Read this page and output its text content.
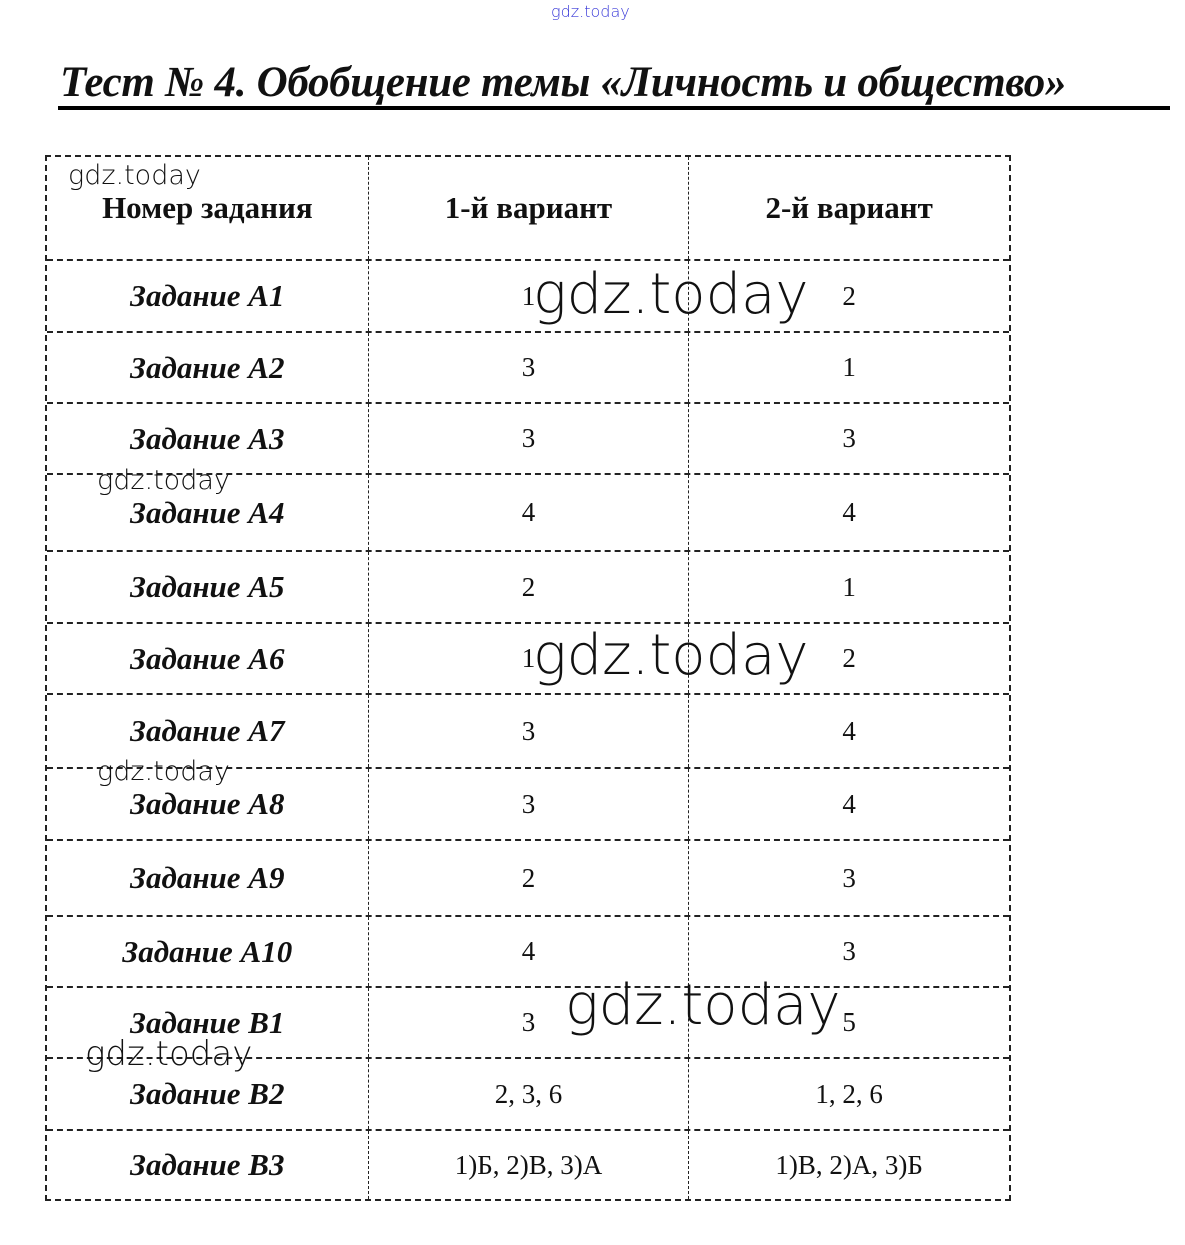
gdz.today
Тест № 4. Обобщение темы «Личность и общество»
Номер задания	1-й вариант	2-й вариант
Задание А1	1	2
Задание А2	3	1
Задание А3	3	3
Задание А4	4	4
Задание А5	2	1
Задание А6	1	2
Задание А7	3	4
Задание А8	3	4
Задание А9	2	3
Задание А10	4	3
Задание В1	3	5
Задание В2	2, 3, 6	1, 2, 6
Задание В3	1)Б, 2)В, 3)А	1)В, 2)А, 3)Б
gdz.today
gdz.today
gdz.today
gdz.today
gdz.today
gdz.today
gdz.today
